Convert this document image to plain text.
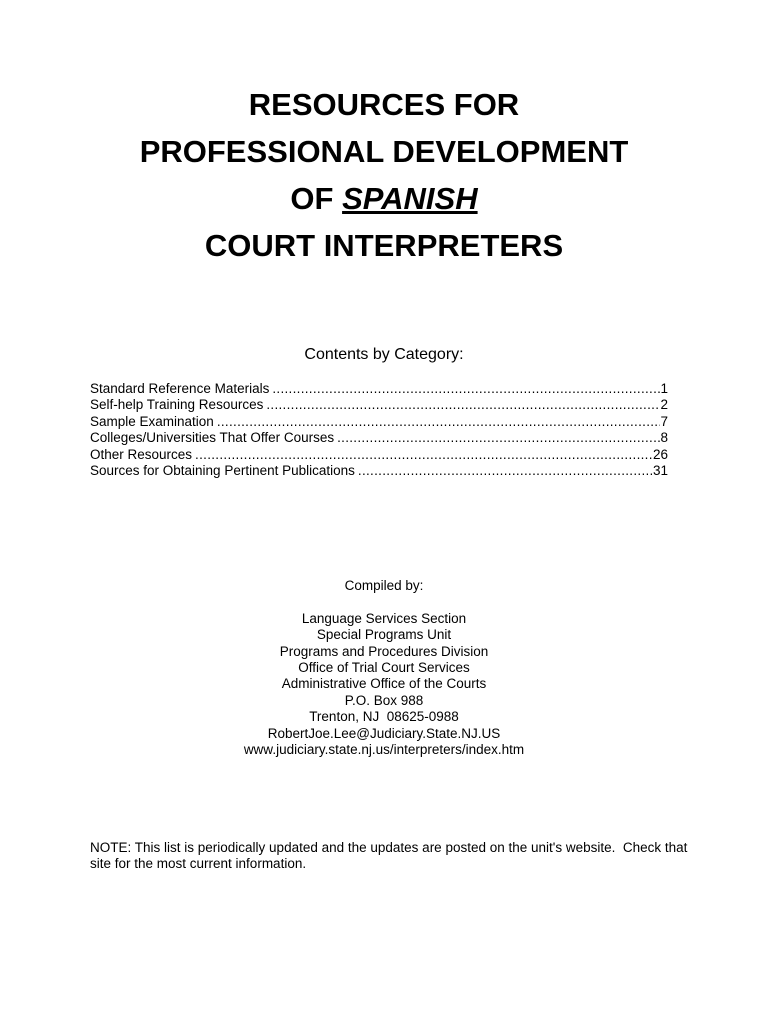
RESOURCES FOR
PROFESSIONAL DEVELOPMENT
OF SPANISH
COURT INTERPRETERS
Contents by Category:
Standard Reference Materials .....	1
Self-help Training Resources .....	2
Sample Examination .....	7
Colleges/Universities That Offer Courses .....	8
Other Resources .....	26
Sources for Obtaining Pertinent Publications .....	31
Compiled by:
Language Services Section
Special Programs Unit
Programs and Procedures Division
Office of Trial Court Services
Administrative Office of the Courts
P.O. Box 988
Trenton, NJ  08625-0988
RobertJoe.Lee@Judiciary.State.NJ.US
www.judiciary.state.nj.us/interpreters/index.htm
NOTE: This list is periodically updated and the updates are posted on the unit's website.  Check that site for the most current information.
